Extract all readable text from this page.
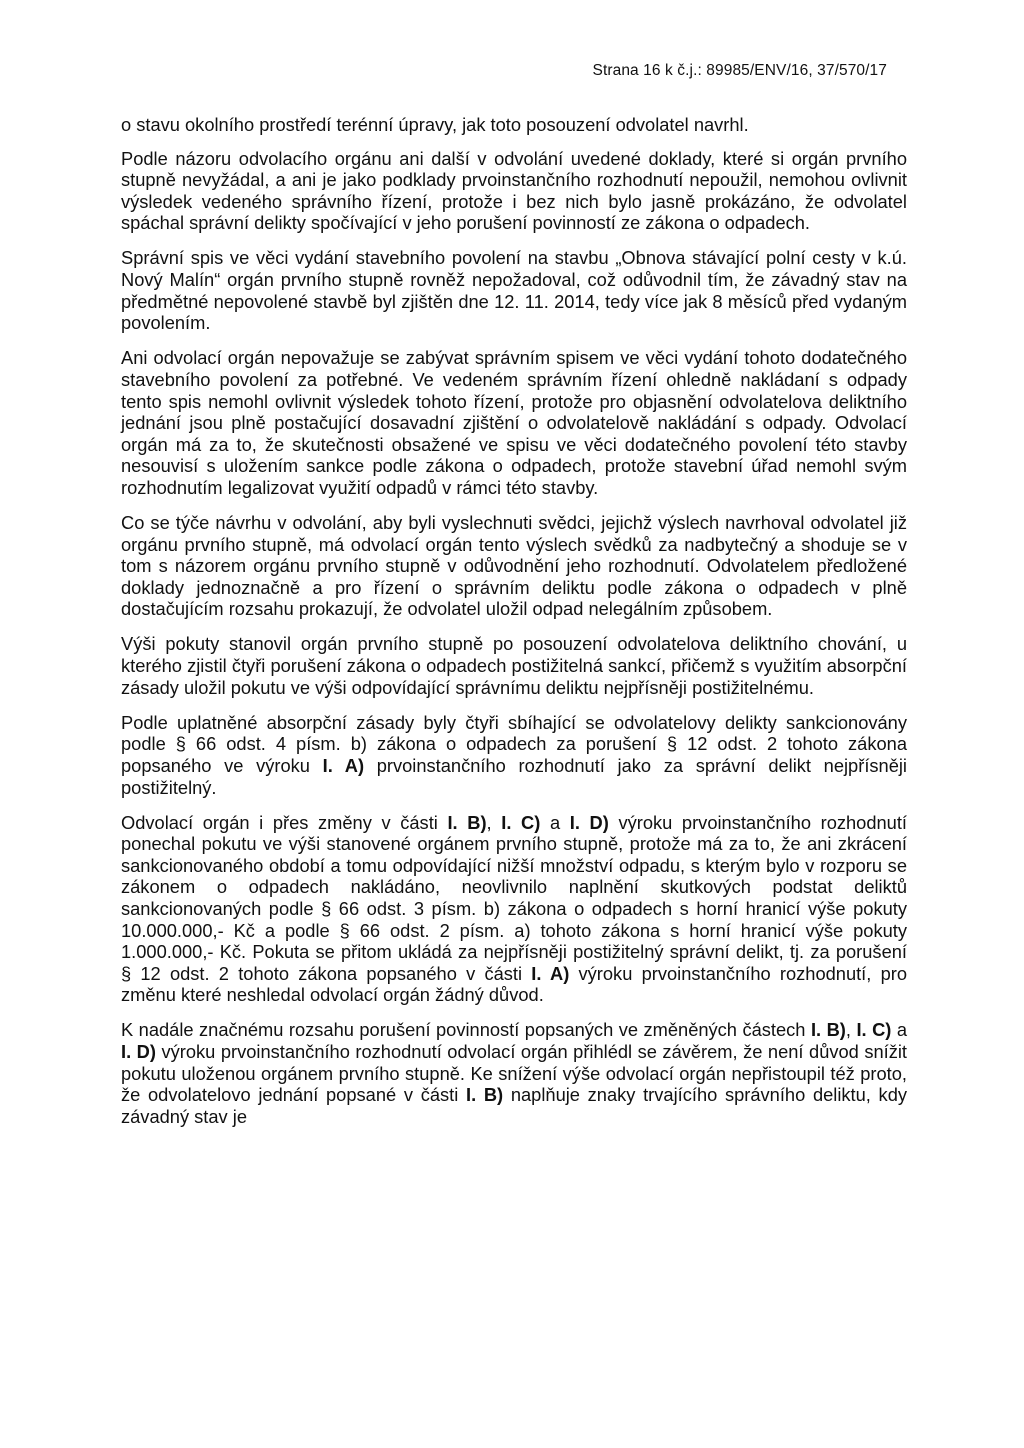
Strana 16 k č.j.: 89985/ENV/16, 37/570/17

o stavu okolního prostředí terénní úpravy, jak toto posouzení odvolatel navrhl.

Podle názoru odvolacího orgánu ani další v odvolání uvedené doklady, které si orgán prvního stupně nevyžádal, a ani je jako podklady prvoinstančního rozhodnutí nepoužil, nemohou ovlivnit výsledek vedeného správního řízení, protože i bez nich bylo jasně prokázáno, že odvolatel spáchal správní delikty spočívající v jeho porušení povinností ze zákona o odpadech.

Správní spis ve věci vydání stavebního povolení na stavbu „Obnova stávající polní cesty v k.ú. Nový Malín“ orgán prvního stupně rovněž nepožadoval, což odůvodnil tím, že závadný stav na předmětné nepovolené stavbě byl zjištěn dne 12. 11. 2014, tedy více jak 8 měsíců před vydaným povolením.

Ani odvolací orgán nepovažuje se zabývat správním spisem ve věci vydání tohoto dodatečného stavebního povolení za potřebné. Ve vedeném správním řízení ohledně nakládaní s odpady tento spis nemohl ovlivnit výsledek tohoto řízení, protože pro objasnění odvolatelova deliktního jednání jsou plně postačující dosavadní zjištění o odvolatelově nakládání s odpady. Odvolací orgán má za to, že skutečnosti obsažené ve spisu ve věci dodatečného povolení této stavby nesouvisí s uložením sankce podle zákona o odpadech, protože stavební úřad nemohl svým rozhodnutím legalizovat využití odpadů v rámci této stavby.

Co se týče návrhu v odvolání, aby byli vyslechnuti svědci, jejichž výslech navrhoval odvolatel již orgánu prvního stupně, má odvolací orgán tento výslech svědků za nadbytečný a shoduje se v tom s názorem orgánu prvního stupně v odůvodnění jeho rozhodnutí. Odvolatelem předložené doklady jednoznačně a pro řízení o správním deliktu podle zákona o odpadech v plně dostačujícím rozsahu prokazují, že odvolatel uložil odpad nelegálním způsobem.

Výši pokuty stanovil orgán prvního stupně po posouzení odvolatelova deliktního chování, u kterého zjistil čtyři porušení zákona o odpadech postižitelná sankcí, přičemž s využitím absorpční zásady uložil pokutu ve výši odpovídající správnímu deliktu nejpřísněji postižitelnému.

Podle uplatněné absorpční zásady byly čtyři sbíhající se odvolatelovy delikty sankcionovány podle § 66 odst. 4 písm. b) zákona o odpadech za porušení § 12 odst. 2 tohoto zákona popsaného ve výroku I. A) prvoinstančního rozhodnutí jako za správní delikt nejpřísněji postižitelný.

Odvolací orgán i přes změny v části I. B), I. C) a I. D) výroku prvoinstančního rozhodnutí ponechal pokutu ve výši stanovené orgánem prvního stupně, protože má za to, že ani zkrácení sankcionovaného období a tomu odpovídající nižší množství odpadu, s kterým bylo v rozporu se zákonem o odpadech nakládáno, neovlivnilo naplnění skutkových podstat deliktů sankcionovaných podle § 66 odst. 3 písm. b) zákona o odpadech s horní hranicí výše pokuty 10.000.000,- Kč a podle § 66 odst. 2 písm. a) tohoto zákona s horní hranicí výše pokuty 1.000.000,- Kč. Pokuta se přitom ukládá za nejpřísněji postižitelný správní delikt, tj. za porušení § 12 odst. 2 tohoto zákona popsaného v části I. A) výroku prvoinstančního rozhodnutí, pro změnu které neshledal odvolací orgán žádný důvod.

K nadále značnému rozsahu porušení povinností popsaných ve změněných částech I. B), I. C) a I. D) výroku prvoinstančního rozhodnutí odvolací orgán přihlédl se závěrem, že není důvod snížit pokutu uloženou orgánem prvního stupně. Ke snížení výše odvolací orgán nepřistoupil též proto, že odvolatelovo jednání popsané v části I. B) naplňuje znaky trvajícího správního deliktu, kdy závadný stav je
